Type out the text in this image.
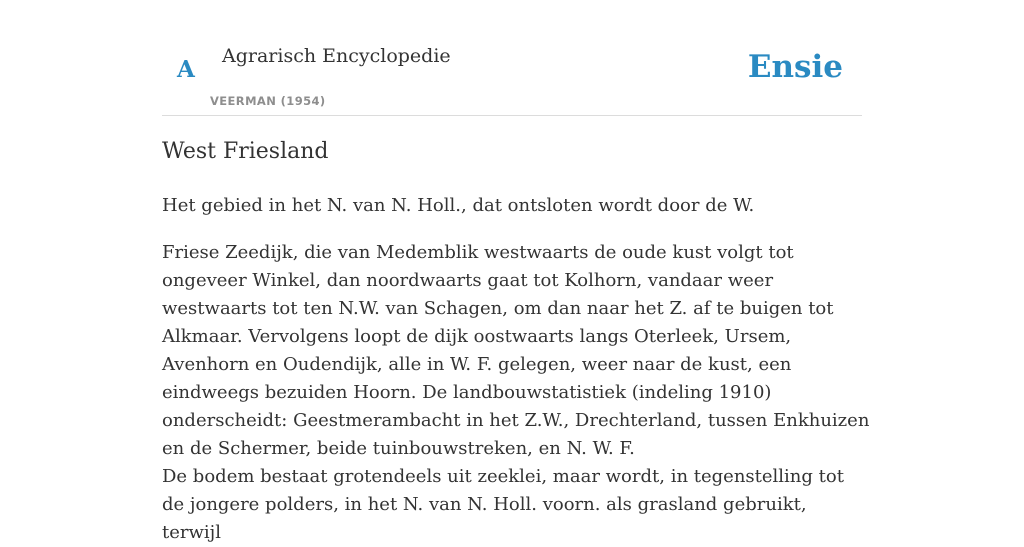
A Agrarisch Encyclopedie
VEERMAN (1954)
Ensie
West Friesland

Het gebied in het N. van N. Holl., dat ontsloten wordt door de W.

Friese Zeedijk, die van Medemblik westwaarts de oude kust volgt tot ongeveer Winkel, dan noordwaarts gaat tot Kolhorn, vandaar weer westwaarts tot ten N.W. van Schagen, om dan naar het Z. af te buigen tot Alkmaar. Vervolgens loopt de dijk oostwaarts langs Oterleek, Ursem, Avenhorn en Oudendijk, alle in W. F. gelegen, weer naar de kust, een eindweegs bezuiden Hoorn. De landbouwstatistiek (indeling 1910) onderscheidt: Geestmerambacht in het Z.W., Drechterland, tussen Enkhuizen en de Schermer, beide tuinbouwstreken, en N. W. F.

De bodem bestaat grotendeels uit zeeklei, maar wordt, in tegenstelling tot de jongere polders, in het N. van N. Holl. voorn. als grasland gebruikt, terwijl
